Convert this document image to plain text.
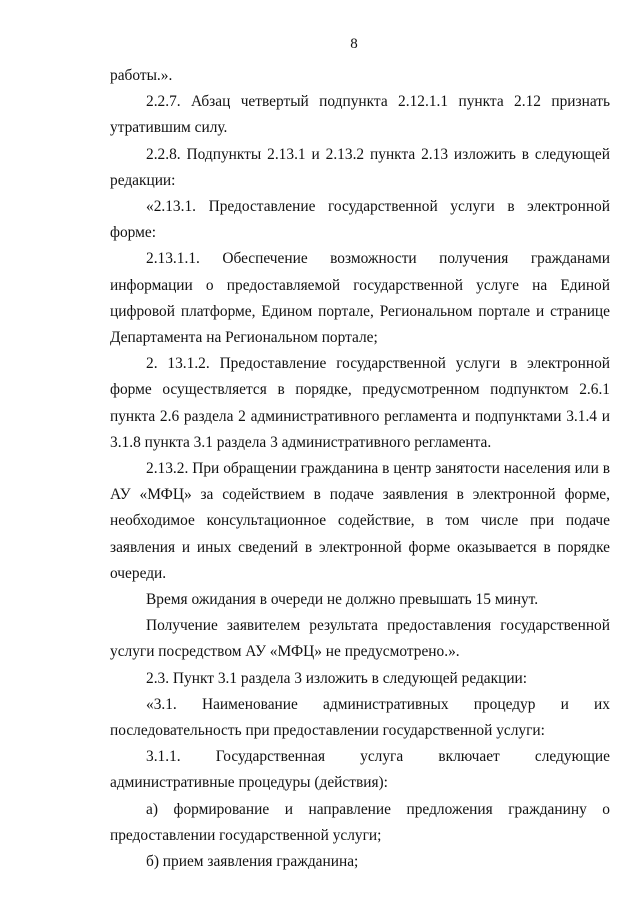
8

работы.».

2.2.7. Абзац четвертый подпункта 2.12.1.1 пункта 2.12 признать утратившим силу.

2.2.8. Подпункты 2.13.1 и 2.13.2 пункта 2.13 изложить в следующей редакции:

«2.13.1. Предоставление государственной услуги в электронной форме:

2.13.1.1. Обеспечение возможности получения гражданами информации о предоставляемой государственной услуге на Единой цифровой платформе, Едином портале, Региональном портале и странице Департамента на Региональном портале;

2. 13.1.2. Предоставление государственной услуги в электронной форме осуществляется в порядке, предусмотренном подпунктом 2.6.1 пункта 2.6 раздела 2 административного регламента и подпунктами 3.1.4 и 3.1.8 пункта 3.1 раздела 3 административного регламента.

2.13.2. При обращении гражданина в центр занятости населения или в АУ «МФЦ» за содействием в подаче заявления в электронной форме, необходимое консультационное содействие, в том числе при подаче заявления и иных сведений в электронной форме оказывается в порядке очереди.

Время ожидания в очереди не должно превышать 15 минут.

Получение заявителем результата предоставления государственной услуги посредством АУ «МФЦ» не предусмотрено.».

2.3. Пункт 3.1 раздела 3 изложить в следующей редакции:

«3.1. Наименование административных процедур и их последовательность при предоставлении государственной услуги:

3.1.1. Государственная услуга включает следующие административные процедуры (действия):

а) формирование и направление предложения гражданину о предоставлении государственной услуги;

б) прием заявления гражданина;
